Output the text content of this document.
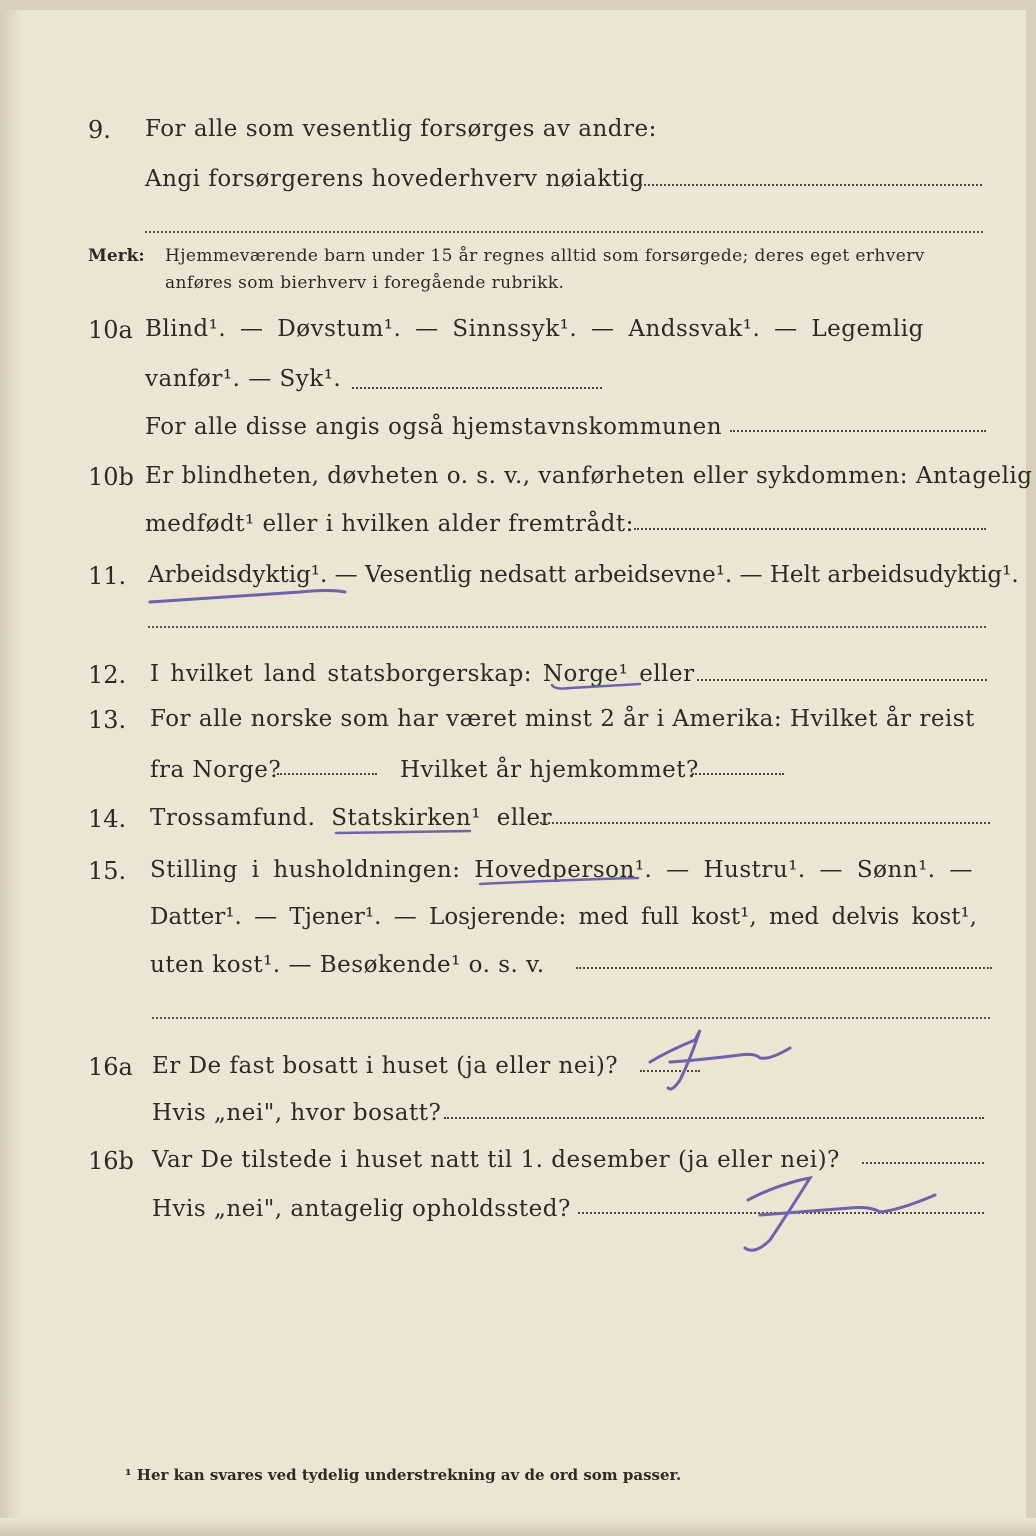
9. For alle som vesentlig forsørges av andre:
Angi forsørgerens hovederhverv nøiaktig
Merk: Hjemmeværende barn under 15 år regnes alltid som forsørgede; deres eget erhverv
anføres som bierhverv i foregående rubrikk.
10a Blind¹. — Døvstum¹. — Sinnssyk¹. — Andssvak¹. — Legemlig
vanfør¹. — Syk¹.
For alle disse angis også hjemstavnskommunen
10b Er blindheten, døvheten o. s. v., vanførheten eller sykdommen: Antagelig
medfødt¹ eller i hvilken alder fremtrådt:
11. Arbeidsdyktig¹. — Vesentlig nedsatt arbeidsevne¹. — Helt arbeidsudyktig¹.
12. I hvilket land statsborgerskap: Norge¹ eller
13. For alle norske som har været minst 2 år i Amerika: Hvilket år reist
fra Norge?	Hvilket år hjemkommet?
14. Trossamfund. Statskirken¹ eller
15. Stilling i husholdningen: Hovedperson¹. — Hustru¹. — Sønn¹. —
Datter¹. — Tjener¹. — Losjerende: med full kost¹, med delvis kost¹,
uten kost¹. — Besøkende¹ o. s. v.
16a Er De fast bosatt i huset (ja eller nei)?
Hvis „nei", hvor bosatt?
16b Var De tilstede i huset natt til 1. desember (ja eller nei)?
Hvis „nei", antagelig opholdssted?
¹ Her kan svares ved tydelig understrekning av de ord som passer.
